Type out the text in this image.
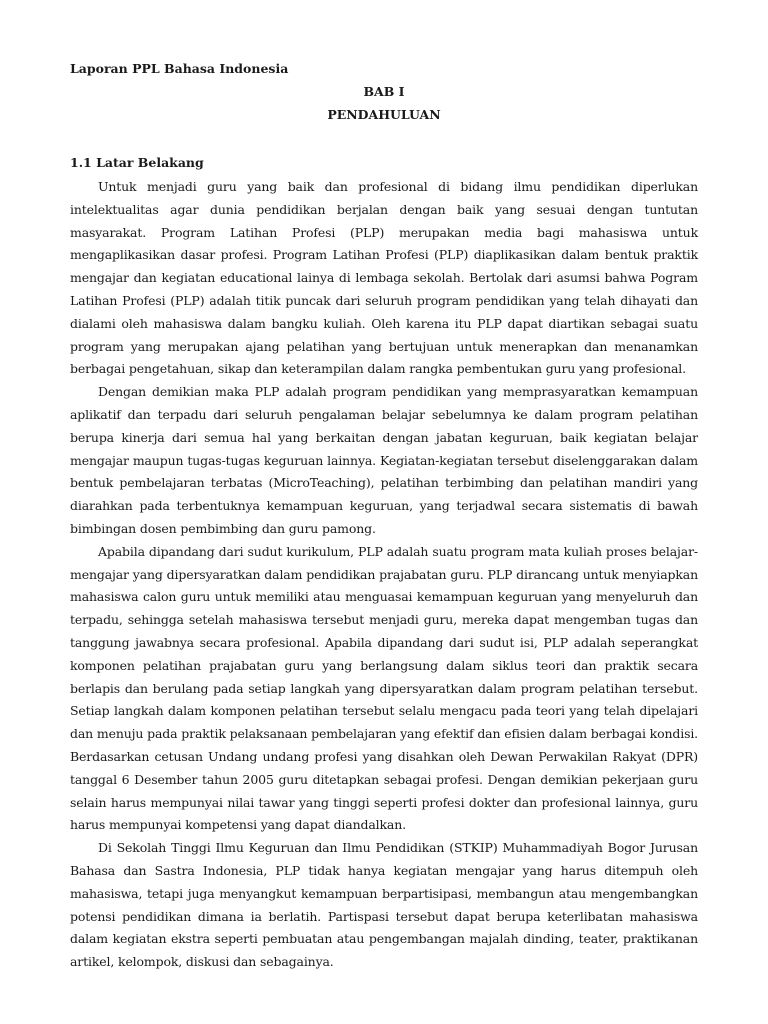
Laporan PPL Bahasa Indonesia
BAB I
PENDAHULUAN
1.1 Latar Belakang

Untuk menjadi guru yang baik dan profesional di bidang ilmu pendidikan diperlukan intelektualitas agar dunia pendidikan berjalan dengan baik yang sesuai dengan tuntutan masyarakat. Program Latihan Profesi (PLP) merupakan media bagi mahasiswa untuk mengaplikasikan dasar profesi. Program Latihan Profesi (PLP) diaplikasikan dalam bentuk praktik mengajar dan kegiatan educational lainya di lembaga sekolah. Bertolak dari asumsi bahwa Pogram Latihan Profesi (PLP) adalah titik puncak dari seluruh program pendidikan yang telah dihayati dan dialami oleh mahasiswa dalam bangku kuliah. Oleh karena itu PLP dapat diartikan sebagai suatu program yang merupakan ajang pelatihan yang bertujuan untuk menerapkan dan menanamkan berbagai pengetahuan, sikap dan keterampilan dalam rangka pembentukan guru yang profesional.

Dengan demikian maka PLP adalah program pendidikan yang memprasyaratkan kemampuan aplikatif dan terpadu dari seluruh pengalaman belajar sebelumnya ke dalam program pelatihan berupa kinerja dari semua hal yang berkaitan dengan jabatan keguruan, baik kegiatan belajar mengajar maupun tugas-tugas keguruan lainnya. Kegiatan-kegiatan tersebut diselenggarakan dalam bentuk pembelajaran terbatas (MicroTeaching), pelatihan terbimbing dan pelatihan mandiri yang diarahkan pada terbentuknya kemampuan keguruan, yang terjadwal secara sistematis di bawah bimbingan dosen pembimbing dan guru pamong.

Apabila dipandang dari sudut kurikulum, PLP adalah suatu program mata kuliah proses belajar-mengajar yang dipersyaratkan dalam pendidikan prajabatan guru. PLP dirancang untuk menyiapkan mahasiswa calon guru untuk memiliki atau menguasai kemampuan keguruan yang menyeluruh dan terpadu, sehingga setelah mahasiswa tersebut menjadi guru, mereka dapat mengemban tugas dan tanggung jawabnya secara profesional. Apabila dipandang dari sudut isi, PLP adalah seperangkat komponen pelatihan prajabatan guru yang berlangsung dalam siklus teori dan praktik secara berlapis dan berulang pada setiap langkah yang dipersyaratkan dalam program pelatihan tersebut. Setiap langkah dalam komponen pelatihan tersebut selalu mengacu pada teori yang telah dipelajari dan menuju pada praktik pelaksanaan pembelajaran yang efektif dan efisien dalam berbagai kondisi. Berdasarkan cetusan Undang undang profesi yang disahkan oleh Dewan Perwakilan Rakyat (DPR) tanggal 6 Desember tahun 2005 guru ditetapkan sebagai profesi. Dengan demikian pekerjaan guru selain harus mempunyai nilai tawar yang tinggi seperti profesi dokter dan profesional lainnya, guru harus mempunyai kompetensi yang dapat diandalkan.

Di Sekolah Tinggi Ilmu Keguruan dan Ilmu Pendidikan (STKIP) Muhammadiyah Bogor Jurusan Bahasa dan Sastra Indonesia, PLP tidak hanya kegiatan mengajar yang harus ditempuh oleh mahasiswa, tetapi juga menyangkut kemampuan berpartisipasi, membangun atau mengembangkan potensi pendidikan dimana ia berlatih. Partispasi tersebut dapat berupa keterlibatan mahasiswa dalam kegiatan ekstra seperti pembuatan atau pengembangan majalah dinding, teater, praktikanan artikel, kelompok, diskusi dan sebagainya.
